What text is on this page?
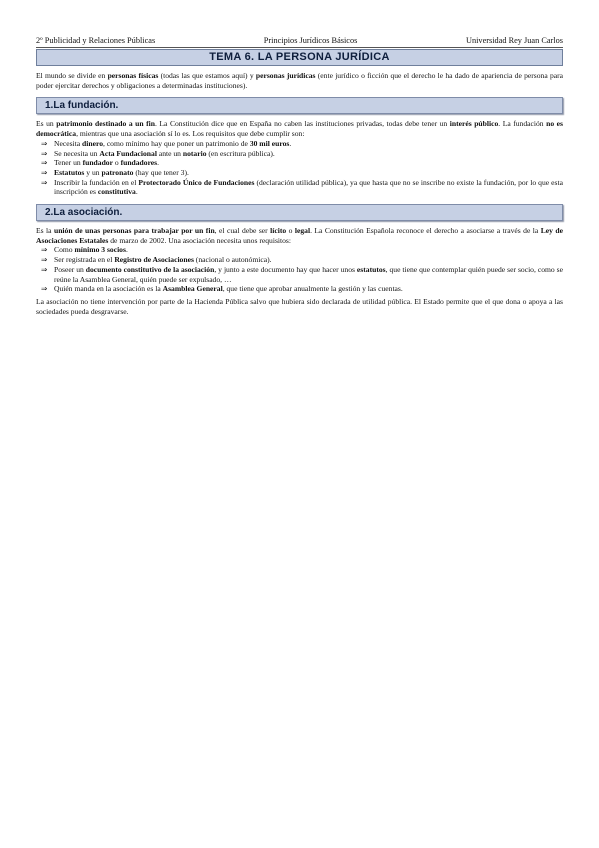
2º Publicidad y Relaciones Públicas	Principios Jurídicos Básicos	Universidad Rey Juan Carlos
TEMA 6. LA PERSONA JURÍDICA

El mundo se divide en personas físicas (todas las que estamos aquí) y personas jurídicas (ente jurídico o ficción que el derecho le ha dado de apariencia de persona para poder ejercitar derechos y obligaciones a determinadas instituciones).

1.La fundación.

Es un patrimonio destinado a un fin. La Constitución dice que en España no caben las instituciones privadas, todas debe tener un interés público. La fundación no es democrática, mientras que una asociación sí lo es. Los requisitos que debe cumplir son:

⇒ Necesita dinero, como mínimo hay que poner un patrimonio de 30 mil euros.
⇒ Se necesita un Acta Fundacional ante un notario (en escritura pública).
⇒ Tener un fundador o fundadores.
⇒ Estatutos y un patronato (hay que tener 3).
⇒ Inscribir la fundación en el Protectorado Único de Fundaciones (declaración utilidad pública), ya que hasta que no se inscribe no existe la fundación, por lo que esta inscripción es constitutiva.
2.La asociación.

Es la unión de unas personas para trabajar por un fin, el cual debe ser lícito o legal. La Constitución Española reconoce el derecho a asociarse a través de la Ley de Asociaciones Estatales de marzo de 2002. Una asociación necesita unos requisitos:

⇒ Como mínimo 3 socios.
⇒ Ser registrada en el Registro de Asociaciones (nacional o autonómica).
⇒ Poseer un documento constitutivo de la asociación, y junto a este documento hay que hacer unos estatutos, que tiene que contemplar quién puede ser socio, como se reúne la Asamblea General, quién puede ser expulsado, …
⇒ Quién manda en la asociación es la Asamblea General, que tiene que aprobar anualmente la gestión y las cuentas.

La asociación no tiene intervención por parte de la Hacienda Pública salvo que hubiera sido declarada de utilidad pública. El Estado permite que el que dona o apoya a las sociedades pueda desgravarse.
